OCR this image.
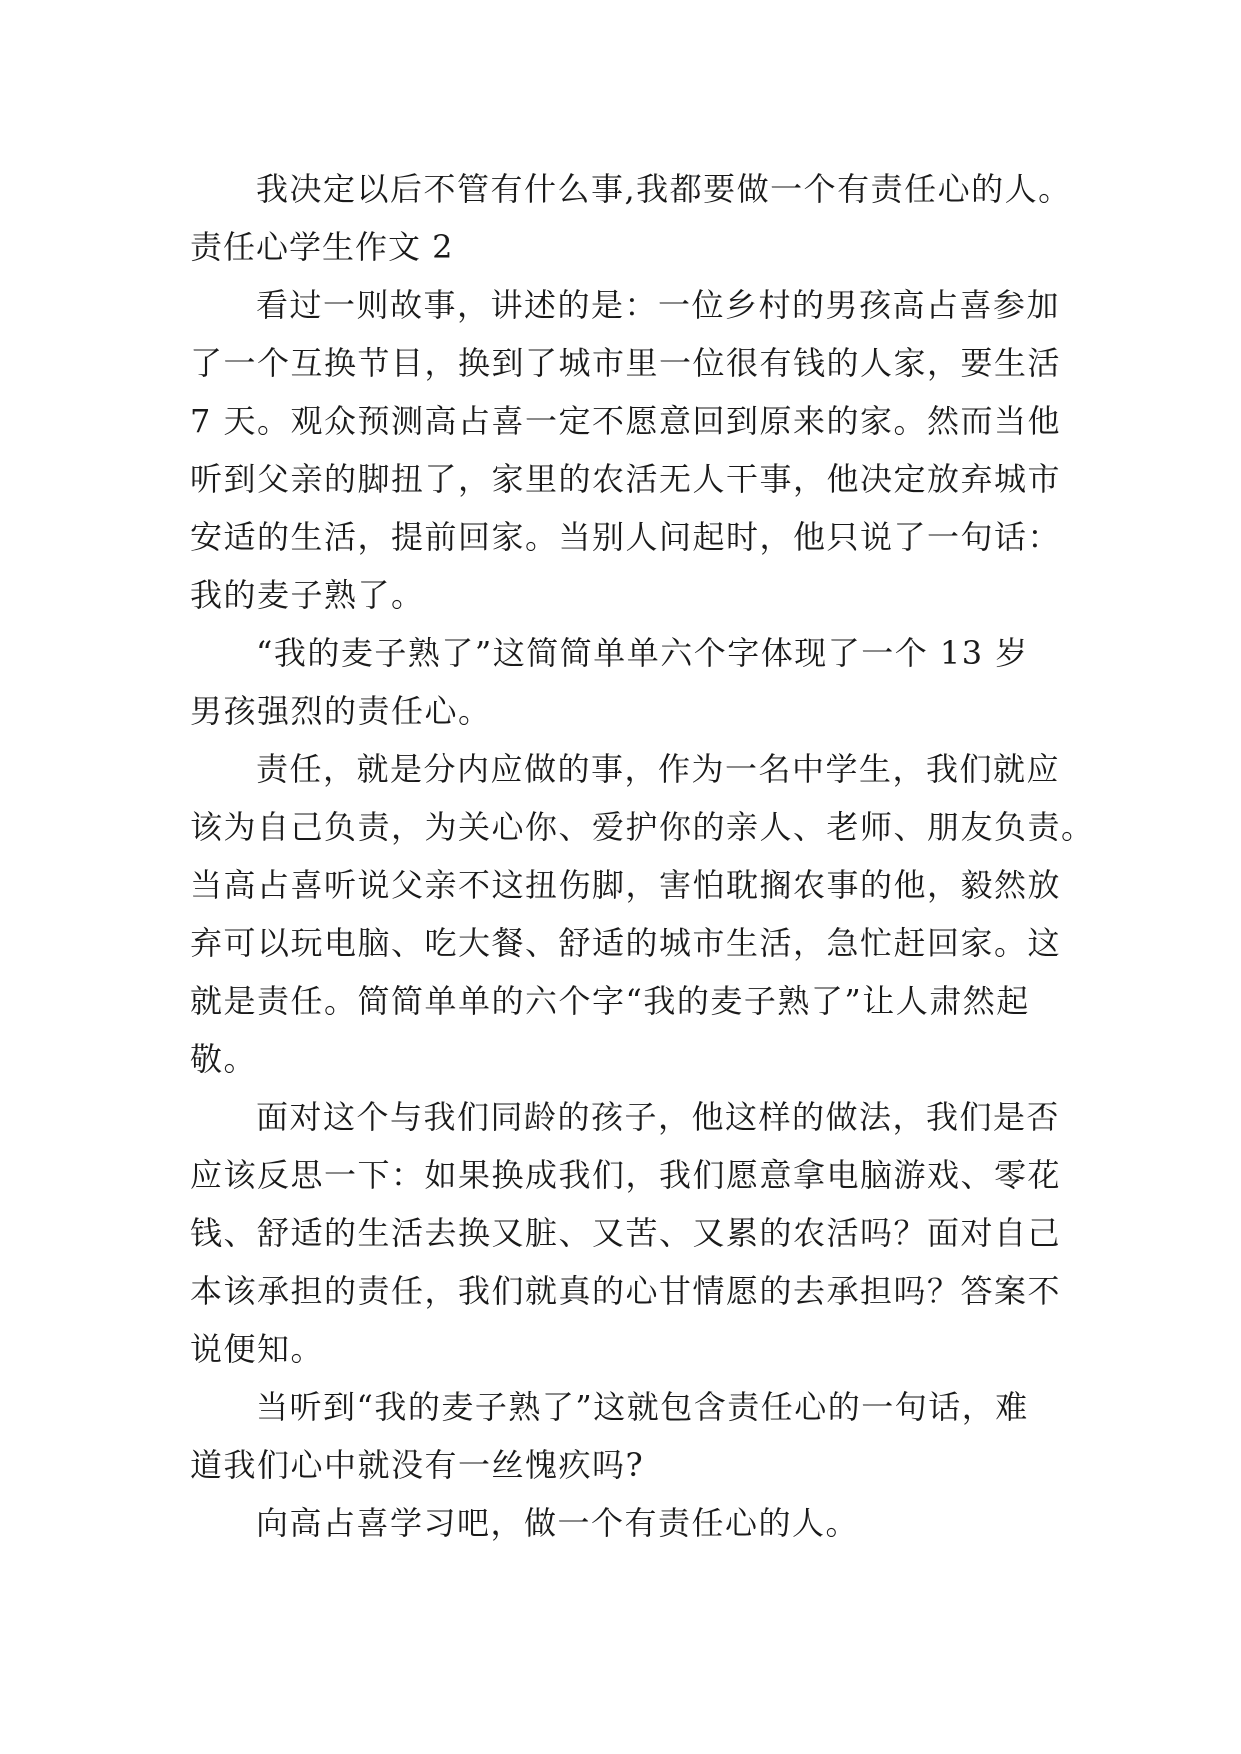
我决定以后不管有什么事,我都要做一个有责任心的人。
责任心学生作文 2
看过一则故事，讲述的是：一位乡村的男孩高占喜参加
了一个互换节目，换到了城市里一位很有钱的人家，要生活
7 天。观众预测高占喜一定不愿意回到原来的家。然而当他
听到父亲的脚扭了，家里的农活无人干事，他决定放弃城市
安适的生活，提前回家。当别人问起时，他只说了一句话：
我的麦子熟了。
“我的麦子熟了”这简简单单六个字体现了一个 13 岁
男孩强烈的责任心。
责任，就是分内应做的事，作为一名中学生，我们就应
该为自己负责，为关心你、爱护你的亲人、老师、朋友负责。
当高占喜听说父亲不这扭伤脚，害怕耽搁农事的他，毅然放
弃可以玩电脑、吃大餐、舒适的城市生活，急忙赶回家。这
就是责任。简简单单的六个字“我的麦子熟了”让人肃然起
敬。
面对这个与我们同龄的孩子，他这样的做法，我们是否
应该反思一下：如果换成我们，我们愿意拿电脑游戏、零花
钱、舒适的生活去换又脏、又苦、又累的农活吗？面对自己
本该承担的责任，我们就真的心甘情愿的去承担吗？答案不
说便知。
当听到“我的麦子熟了”这就包含责任心的一句话，难
道我们心中就没有一丝愧疚吗?
向高占喜学习吧，做一个有责任心的人。
